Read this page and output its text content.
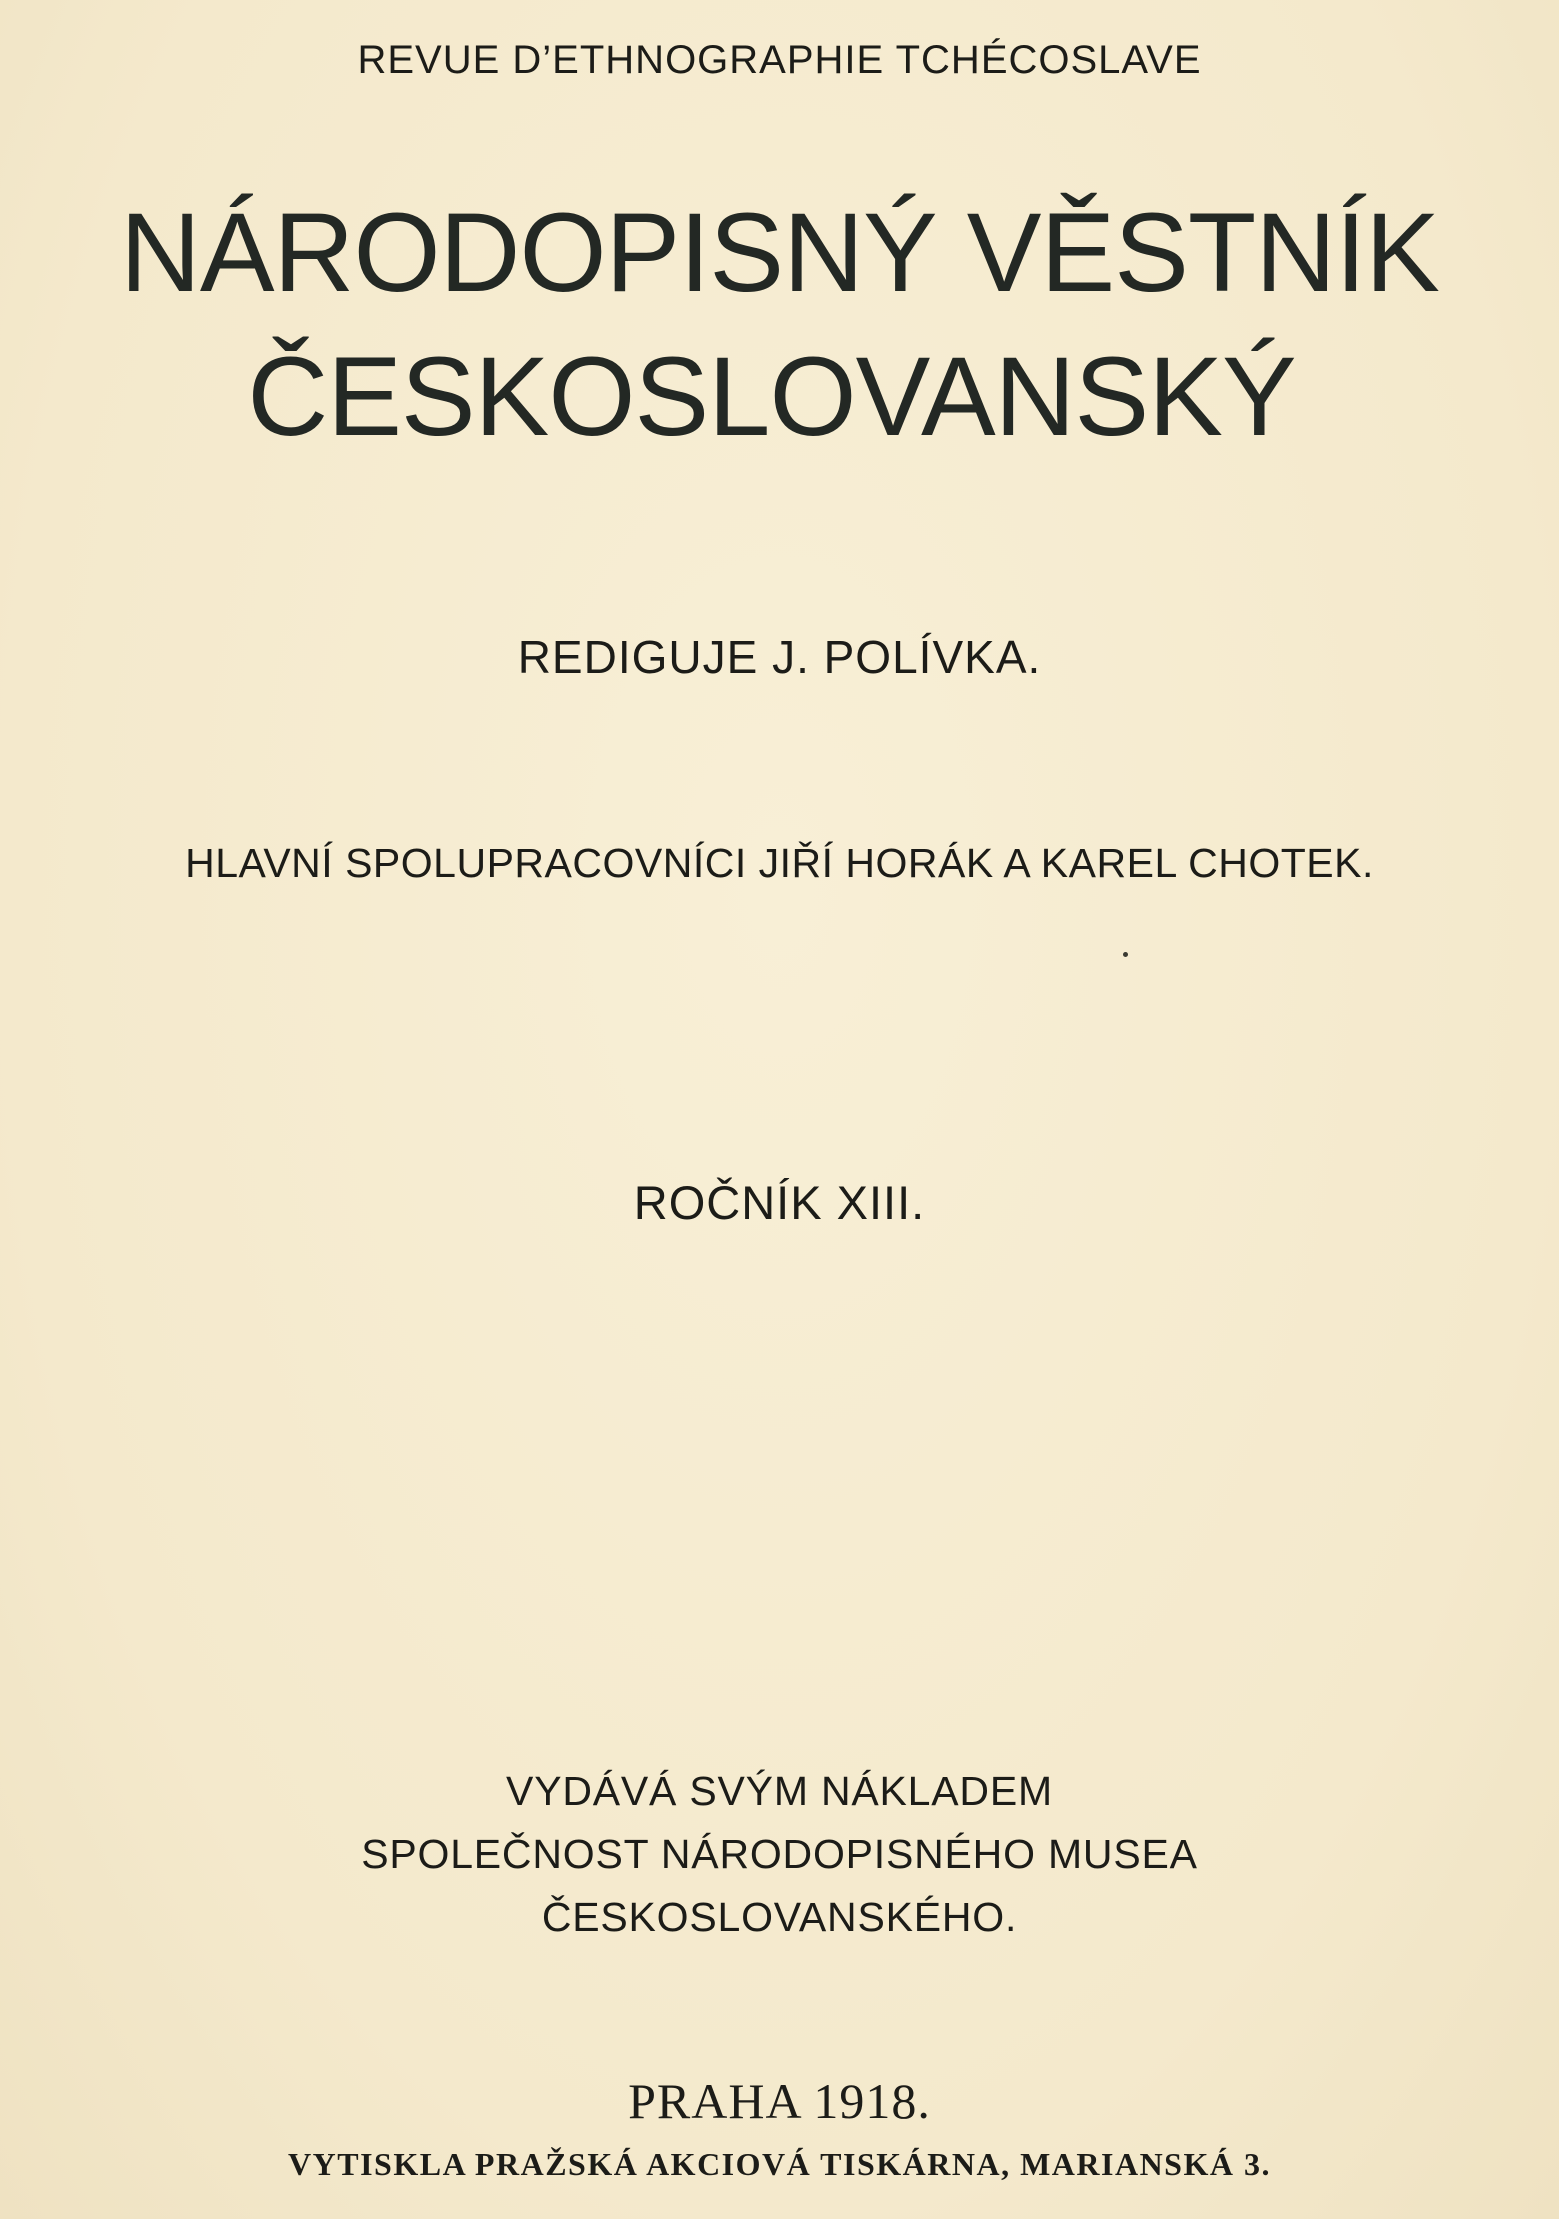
REVUE D’ETHNOGRAPHIE TCHÉCOSLAVE
NÁRODOPISNÝ VĚSTNÍK
ČESKOSLOVANSKÝ
REDIGUJE J. POLÍVKA.
HLAVNÍ SPOLUPRACOVNÍCI JIŘÍ HORÁK A KAREL CHOTEK.
ROČNÍK XIII.
VYDÁVÁ SVÝM NÁKLADEM
SPOLEČNOST NÁRODOPISNÉHO MUSEA
ČESKOSLOVANSKÉHO.
PRAHA 1918.
VYTISKLA PRAŽSKÁ AKCIOVÁ TISKÁRNA, MARIANSKÁ 3.
